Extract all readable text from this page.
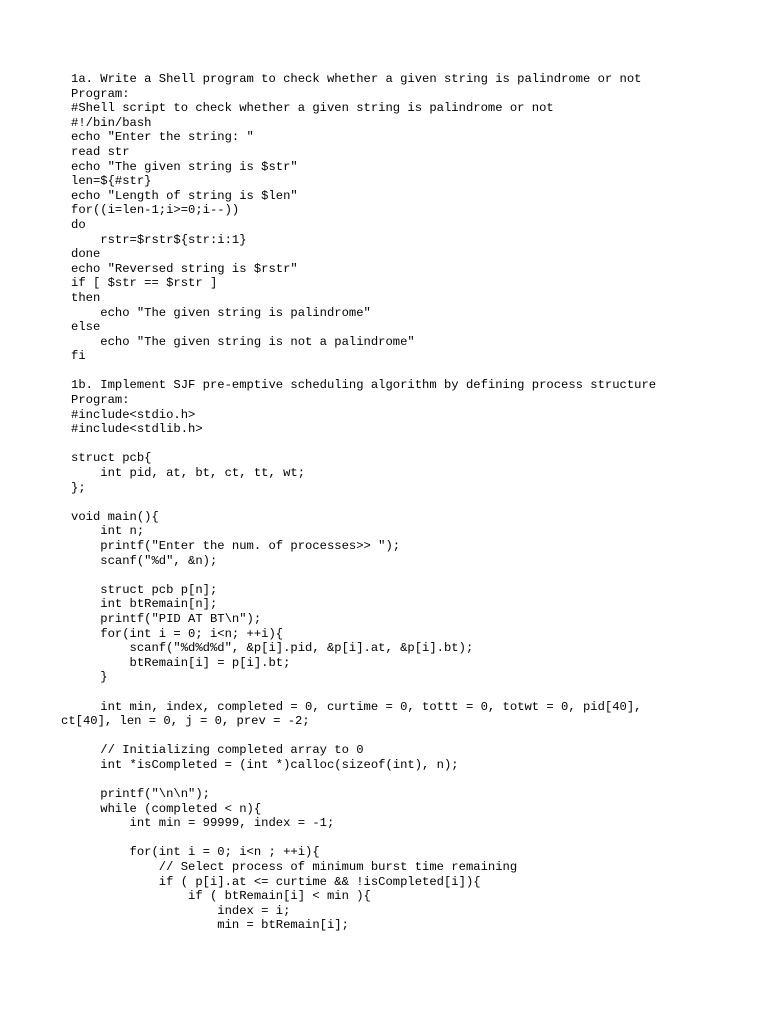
1a. Write a Shell program to check whether a given string is palindrome or not
Program:
#Shell script to check whether a given string is palindrome or not
#!/bin/bash
echo "Enter the string: "
read str
echo "The given string is $str"
len=${#str}
echo "Length of string is $len"
for((i=len-1;i>=0;i--))
do
rstr=$rstr${str:i:1}
done
echo "Reversed string is $rstr"
if [ $str == $rstr ]
then
echo "The given string is palindrome"
else
echo "The given string is not a palindrome"
fi
1b. Implement SJF pre-emptive scheduling algorithm by defining process structure
Program:
#include<stdio.h>
#include<stdlib.h>
struct pcb{
int pid, at, bt, ct, tt, wt;
};
void main(){
int n;
printf("Enter the num. of processes>> ");
scanf("%d", &n);
struct pcb p[n];
int btRemain[n];
printf("PID AT BT\n");
for(int i = 0; i<n; ++i){
scanf("%d%d%d", &p[i].pid, &p[i].at, &p[i].bt);
btRemain[i] = p[i].bt;
}
int min, index, completed = 0, curtime = 0, tottt = 0, totwt = 0, pid[40],
ct[40], len = 0, j = 0, prev = -2;
// Initializing completed array to 0
int *isCompleted = (int *)calloc(sizeof(int), n);
printf("\n\n");
while (completed < n){
int min = 99999, index = -1;
for(int i = 0; i<n ; ++i){
// Select process of minimum burst time remaining
if ( p[i].at <= curtime && !isCompleted[i]){
if ( btRemain[i] < min ){
index = i;
min = btRemain[i];
